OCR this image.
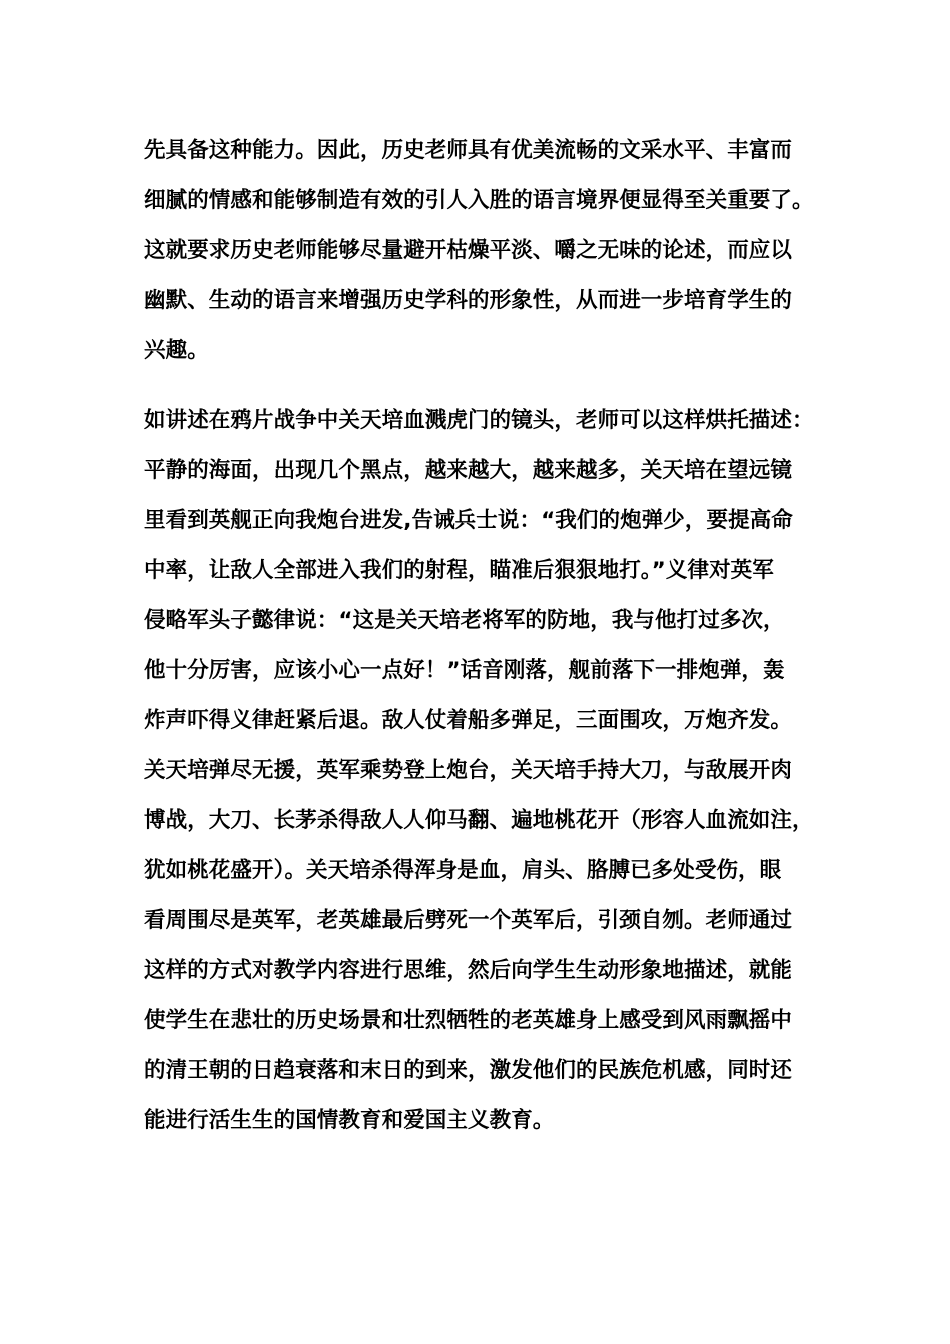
先具备这种能力。因此，历史老师具有优美流畅的文采水平、丰富而
细腻的情感和能够制造有效的引人入胜的语言境界便显得至关重要了。
这就要求历史老师能够尽量避开枯燥平淡、嚼之无味的论述，而应以
幽默、生动的语言来增强历史学科的形象性，从而进一步培育学生的
兴趣。
如讲述在鸦片战争中关天培血溅虎门的镜头，老师可以这样烘托描述：
平静的海面，出现几个黑点，越来越大，越来越多，关天培在望远镜
里看到英舰正向我炮台进发,告诫兵士说：“我们的炮弹少，要提高命
中率，让敌人全部进入我们的射程，瞄准后狠狠地打。”义律对英军
侵略军头子懿律说：“这是关天培老将军的防地，我与他打过多次，
他十分厉害，应该小心一点好！”话音刚落，舰前落下一排炮弹，轰
炸声吓得义律赶紧后退。敌人仗着船多弹足，三面围攻，万炮齐发。
关天培弹尽无援，英军乘势登上炮台，关天培手持大刀，与敌展开肉
博战，大刀、长茅杀得敌人人仰马翻、遍地桃花开（形容人血流如注，
犹如桃花盛开）。关天培杀得浑身是血，肩头、胳膊已多处受伤，眼
看周围尽是英军，老英雄最后劈死一个英军后，引颈自刎。老师通过
这样的方式对教学内容进行思维，然后向学生生动形象地描述，就能
使学生在悲壮的历史场景和壮烈牺牲的老英雄身上感受到风雨飘摇中
的清王朝的日趋衰落和末日的到来，激发他们的民族危机感，同时还
能进行活生生的国情教育和爱国主义教育。
